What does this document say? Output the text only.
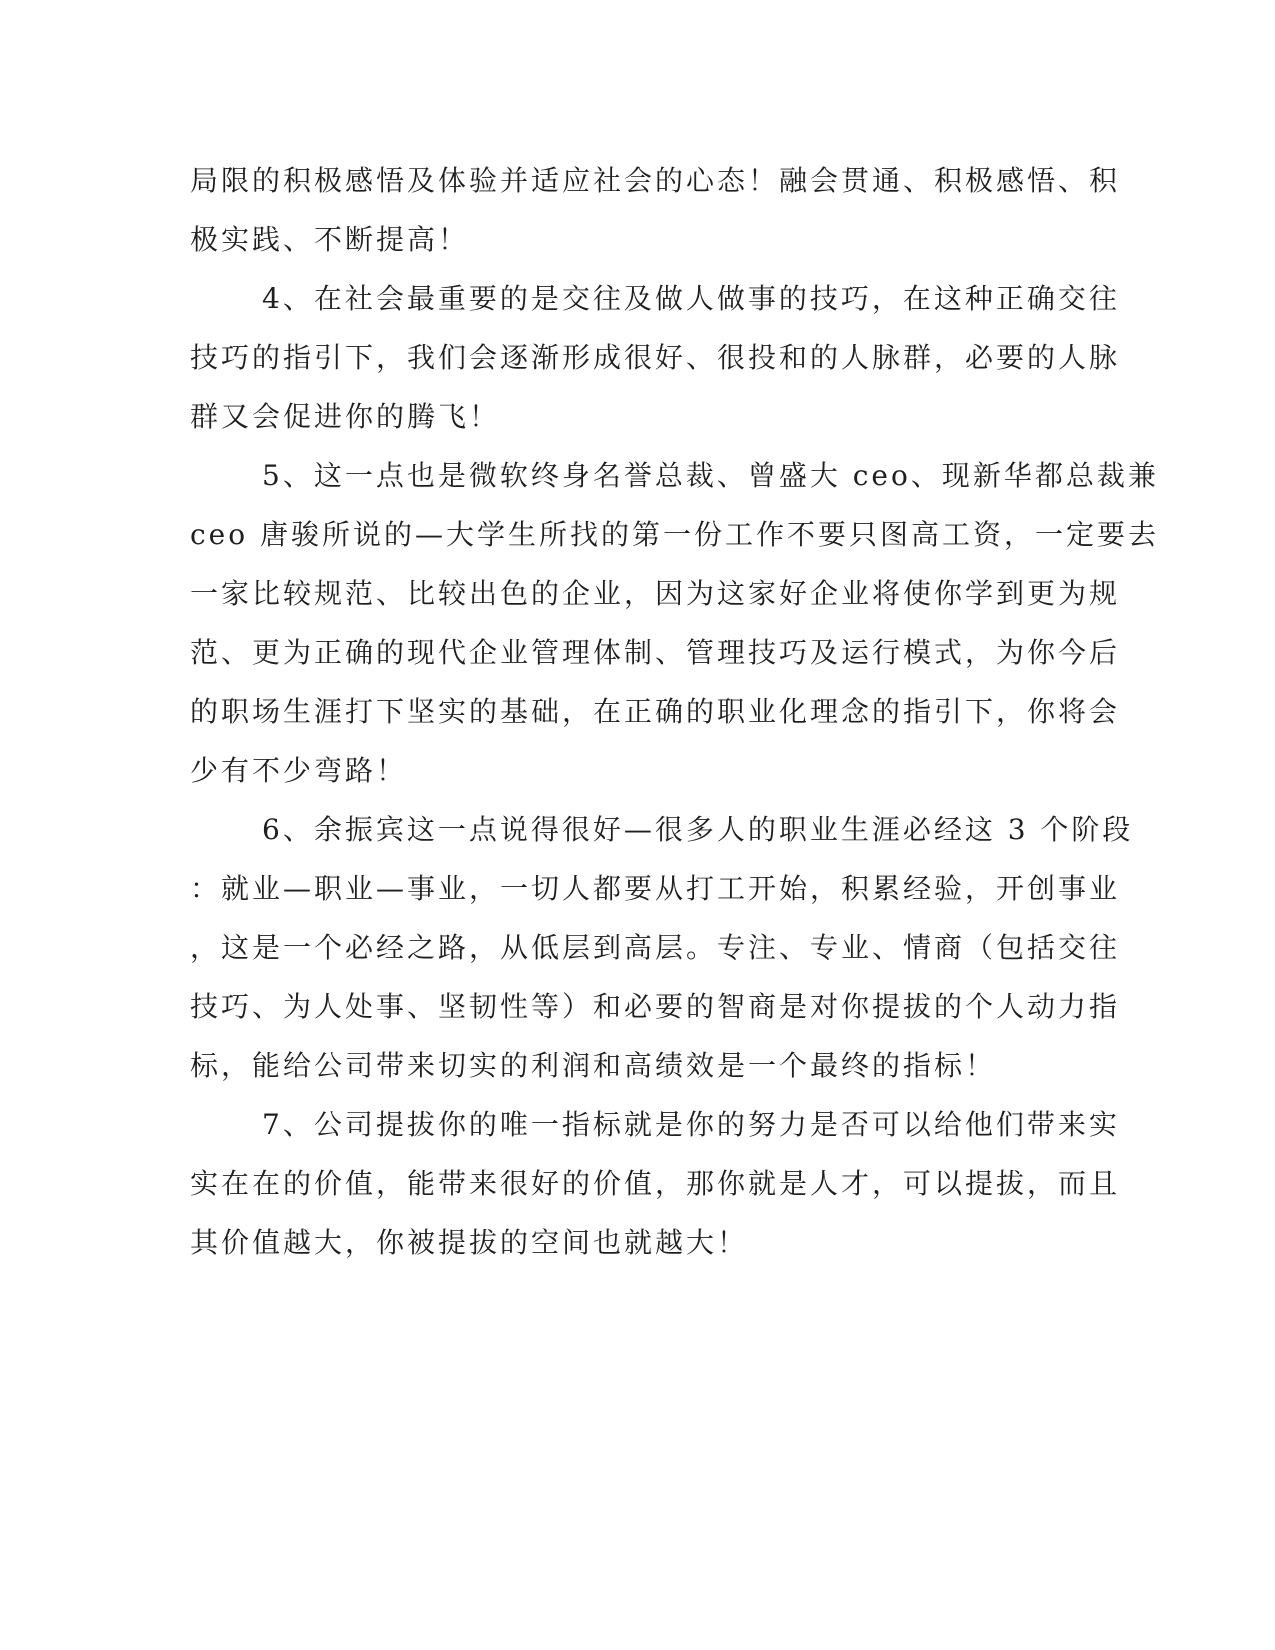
局限的积极感悟及体验并适应社会的心态！融会贯通、积极感悟、积
极实践、不断提高！
4、在社会最重要的是交往及做人做事的技巧，在这种正确交往
技巧的指引下，我们会逐渐形成很好、很投和的人脉群，必要的人脉
群又会促进你的腾飞！
5、这一点也是微软终身名誉总裁、曾盛大 ceo、现新华都总裁兼
ceo 唐骏所说的—大学生所找的第一份工作不要只图高工资，一定要去
一家比较规范、比较出色的企业，因为这家好企业将使你学到更为规
范、更为正确的现代企业管理体制、管理技巧及运行模式，为你今后
的职场生涯打下坚实的基础，在正确的职业化理念的指引下，你将会
少有不少弯路！
6、余振宾这一点说得很好—很多人的职业生涯必经这 3 个阶段
：就业—职业—事业，一切人都要从打工开始，积累经验，开创事业
，这是一个必经之路，从低层到高层。专注、专业、情商（包括交往
技巧、为人处事、坚韧性等）和必要的智商是对你提拔的个人动力指
标，能给公司带来切实的利润和高绩效是一个最终的指标！
7、公司提拔你的唯一指标就是你的努力是否可以给他们带来实
实在在的价值，能带来很好的价值，那你就是人才，可以提拔，而且
其价值越大，你被提拔的空间也就越大！
